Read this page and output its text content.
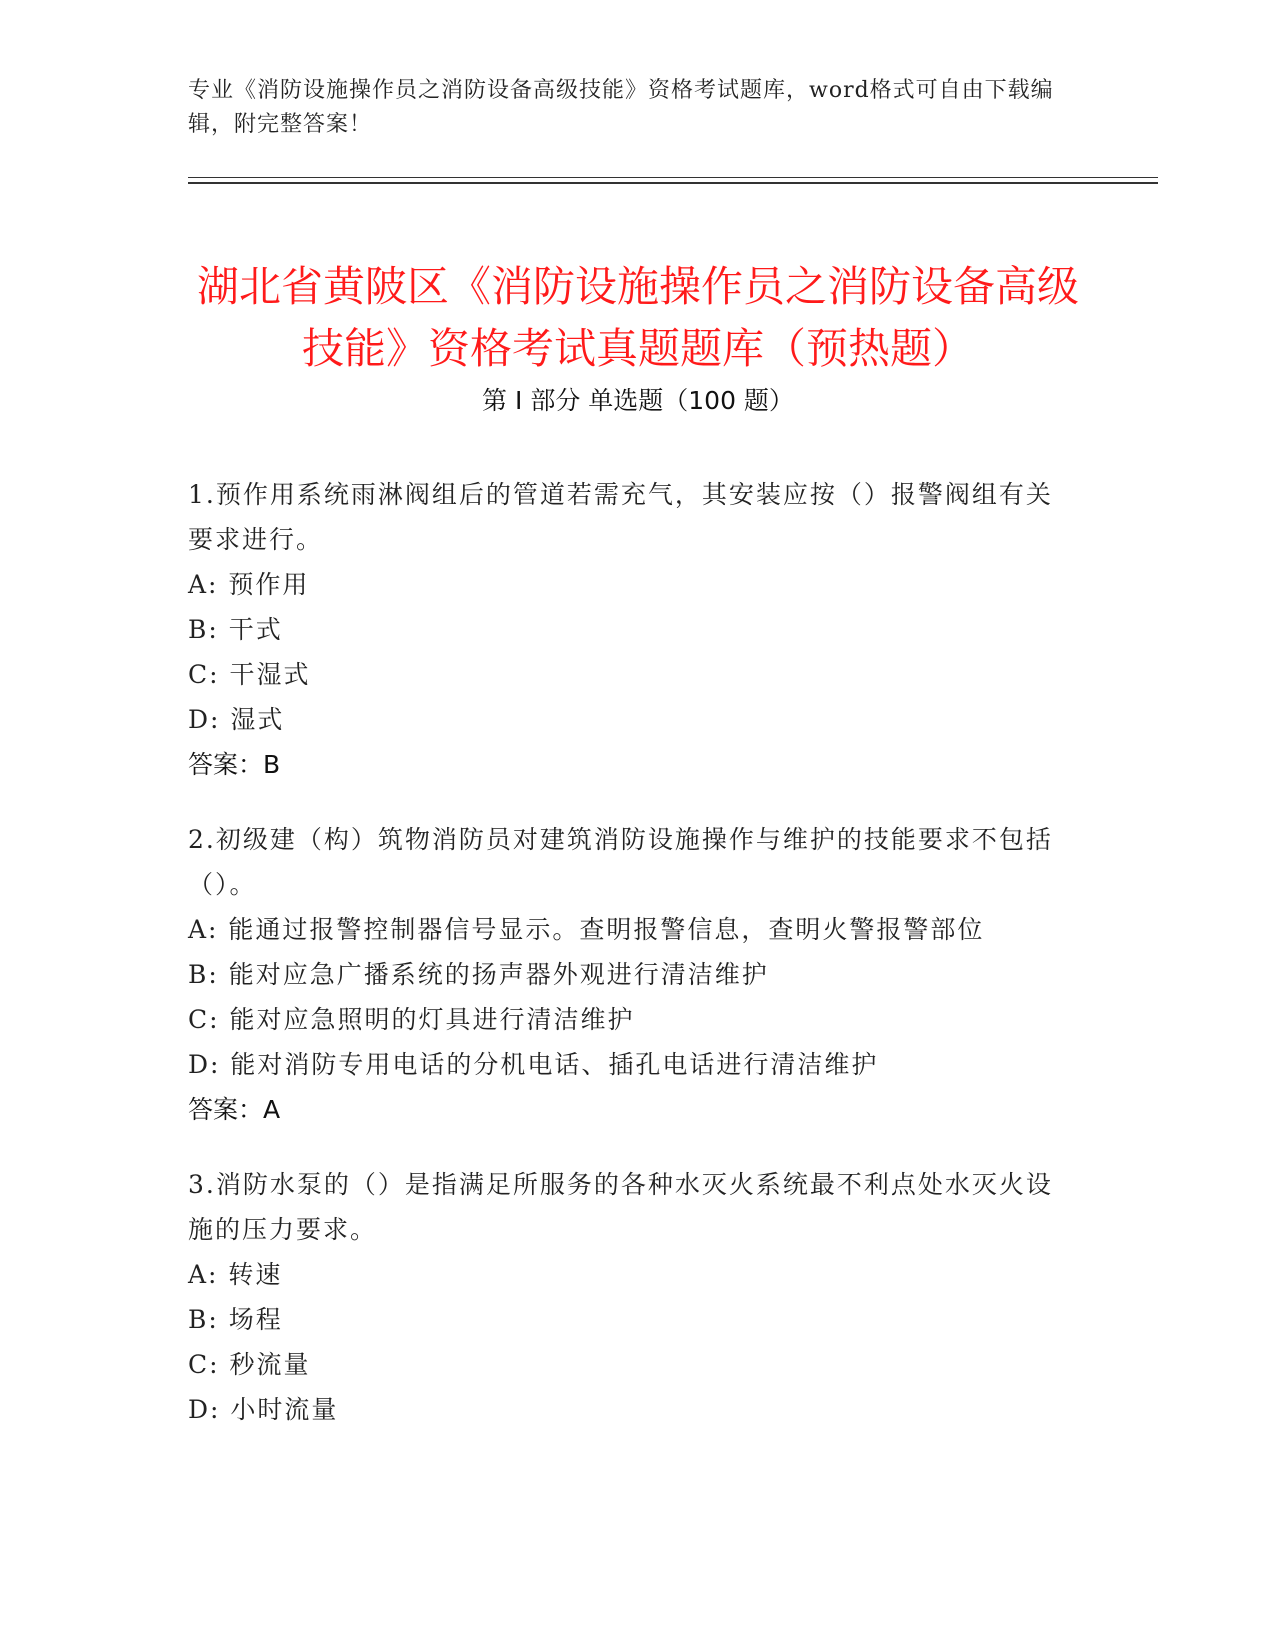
专业《消防设施操作员之消防设备高级技能》资格考试题库，word格式可自由下载编辑，附完整答案！
湖北省黄陂区《消防设施操作员之消防设备高级技能》资格考试真题题库（预热题）
第 I 部分 单选题（100 题）

1.预作用系统雨淋阀组后的管道若需充气，其安装应按（）报警阀组有关要求进行。

A: 预作用

B: 干式

C: 干湿式

D: 湿式

答案：B

2.初级建（构）筑物消防员对建筑消防设施操作与维护的技能要求不包括（）。

A: 能通过报警控制器信号显示。查明报警信息，查明火警报警部位

B: 能对应急广播系统的扬声器外观进行清洁维护

C: 能对应急照明的灯具进行清洁维护

D: 能对消防专用电话的分机电话、插孔电话进行清洁维护

答案：A

3.消防水泵的（）是指满足所服务的各种水灭火系统最不利点处水灭火设施的压力要求。

A: 转速

B: 场程

C: 秒流量

D: 小时流量
